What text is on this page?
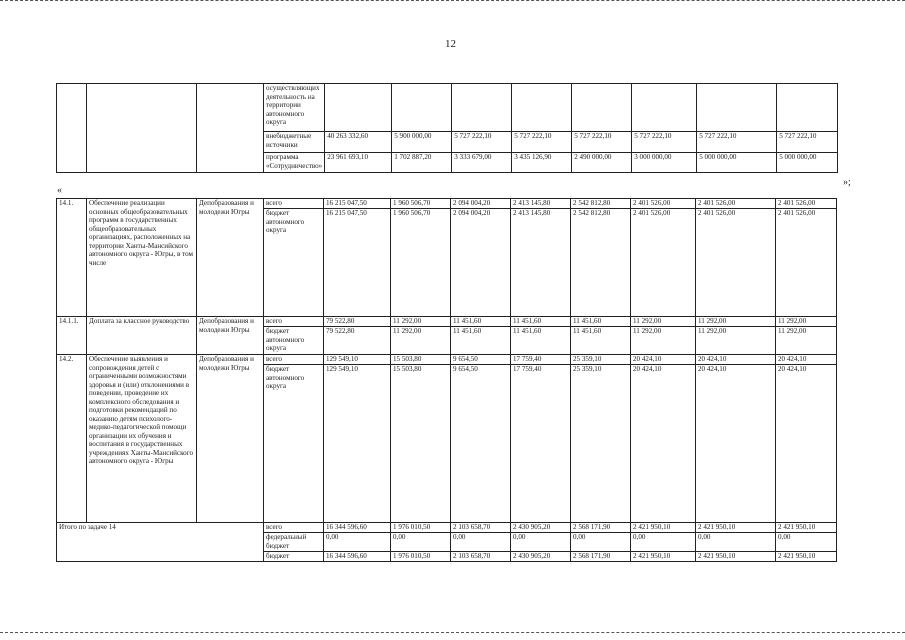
12
«
»;
			осуществляющих деятельность на территории автономного округа								
			внебюджетные источники	40 263 332,60	5 900 000,00	5 727 222,10	5 727 222,10	5 727 222,10	5 727 222,10	5 727 222,10	5 727 222,10
			программа «Сотрудничество»	23 961 693,10	1 702 887,20	3 333 679,00	3 435 126,90	2 490 000,00	3 000 000,00	5 000 000,00	5 000 000,00
14.1.	Обеспечение реализации основных общеобразовательных программ в государственных общеобразовательных организациях, расположенных на территории Ханты-Мансийского автономного округа - Югры, в том числе	Депобразования и молодежи Югры	всего	16 215 047,50	1 960 506,70	2 094 004,20	2 413 145,80	2 542 812,80	2 401 526,00	2 401 526,00	2 401 526,00
			бюджет автономного округа	16 215 047,50	1 960 506,70	2 094 004,20	2 413 145,80	2 542 812,80	2 401 526,00	2 401 526,00	2 401 526,00
14.1.1.	Доплата за классное руководство	Депобразования и молодежи Югры	всего	79 522,80	11 292,00	11 451,60	11 451,60	11 451,60	11 292,00	11 292,00	11 292,00
			бюджет автономного округа	79 522,80	11 292,00	11 451,60	11 451,60	11 451,60	11 292,00	11 292,00	11 292,00
14.2.	Обеспечение выявления и сопровождения детей с ограниченными возможностями здоровья и (или) отклонениями в поведении, проведение их комплексного обследования и подготовки рекомендаций по оказанию детям психолого- медико-педагогической помощи организации их обучения и воспитания в государственных учреждениях Ханты-Мансийского автономного округа - Югры	Депобразования и молодежи Югры	всего	129 549,10	15 503,80	9 654,50	17 759,40	25 359,10	20 424,10	20 424,10	20 424,10
			бюджет автономного округа	129 549,10	15 503,80	9 654,50	17 759,40	25 359,10	20 424,10	20 424,10	20 424,10
Итого по задаче 14			всего	16 344 596,60	1 976 010,50	2 103 658,70	2 430 905,20	2 568 171,90	2 421 950,10	2 421 950,10	2 421 950,10
			федеральный бюджет	0,00	0,00	0,00	0,00	0,00	0,00	0,00	0,00
			бюджет	16 344 596,60	1 976 010,50	2 103 658,70	2 430 905,20	2 568 171,90	2 421 950,10	2 421 950,10	2 421 950,10
